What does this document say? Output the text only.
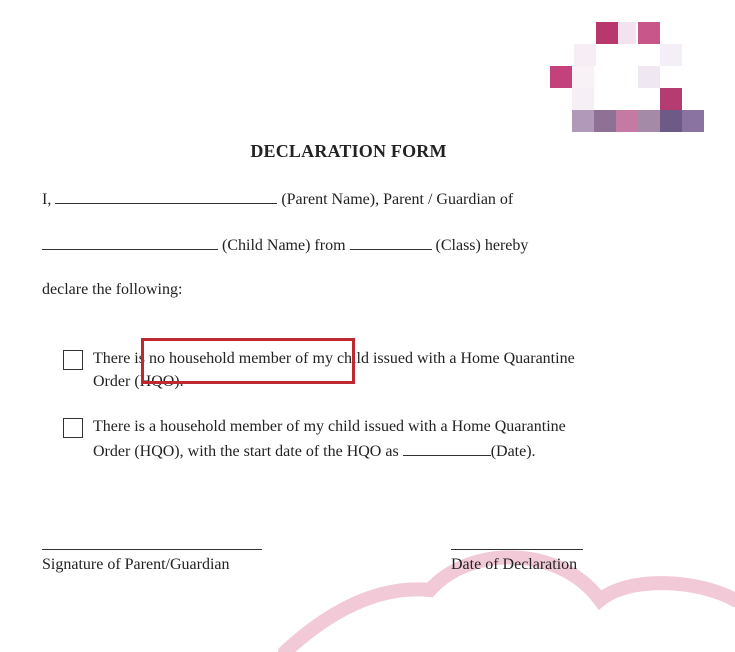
DECLARATION FORM
I,	(Parent Name), Parent / Guardian of
(Child Name) from	(Class) hereby
declare the following:
There is no household member of my child issued with a Home Quarantine
Order (HQO).
There is a household member of my child issued with a Home Quarantine
Order (HQO), with the start date of the HQO as	(Date).
Signature of Parent/Guardian	Date of Declaration
